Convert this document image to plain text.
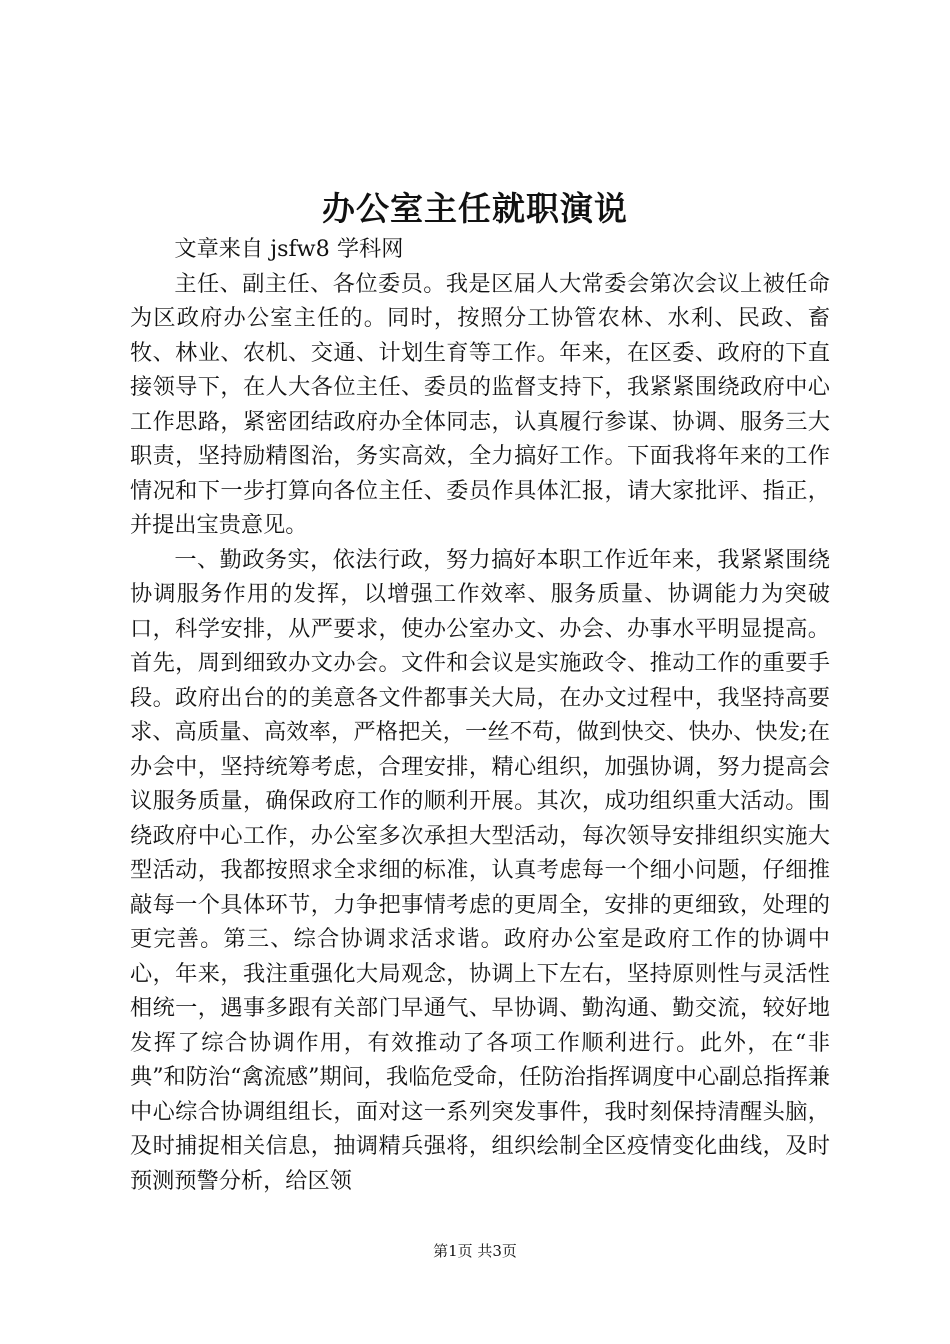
办公室主任就职演说

文章来自 jsfw8 学科网

主任、副主任、各位委员。我是区届人大常委会第次会议上被任命为区政府办公室主任的。同时，按照分工协管农林、水利、民政、畜牧、林业、农机、交通、计划生育等工作。年来，在区委、政府的下直接领导下，在人大各位主任、委员的监督支持下，我紧紧围绕政府中心工作思路，紧密团结政府办全体同志，认真履行参谋、协调、服务三大职责，坚持励精图治，务实高效，全力搞好工作。下面我将年来的工作情况和下一步打算向各位主任、委员作具体汇报，请大家批评、指正，并提出宝贵意见。

一、勤政务实，依法行政，努力搞好本职工作近年来，我紧紧围绕协调服务作用的发挥，以增强工作效率、服务质量、协调能力为突破口，科学安排，从严要求，使办公室办文、办会、办事水平明显提高。首先，周到细致办文办会。文件和会议是实施政令、推动工作的重要手段。政府出台的的美意各文件都事关大局，在办文过程中，我坚持高要求、高质量、高效率，严格把关，一丝不苟，做到快交、快办、快发;在办会中，坚持统筹考虑，合理安排，精心组织，加强协调，努力提高会议服务质量，确保政府工作的顺利开展。其次，成功组织重大活动。围绕政府中心工作，办公室多次承担大型活动，每次领导安排组织实施大型活动，我都按照求全求细的标准，认真考虑每一个细小问题，仔细推敲每一个具体环节，力争把事情考虑的更周全，安排的更细致，处理的更完善。第三、综合协调求活求谐。政府办公室是政府工作的协调中心，年来，我注重强化大局观念，协调上下左右，坚持原则性与灵活性相统一，遇事多跟有关部门早通气、早协调、勤沟通、勤交流，较好地发挥了综合协调作用，有效推动了各项工作顺利进行。此外，在“非典”和防治“禽流感”期间，我临危受命，任防治指挥调度中心副总指挥兼中心综合协调组组长，面对这一系列突发事件，我时刻保持清醒头脑，及时捕捉相关信息，抽调精兵强将，组织绘制全区疫情变化曲线，及时预测预警分析，给区领

第1页 共3页
